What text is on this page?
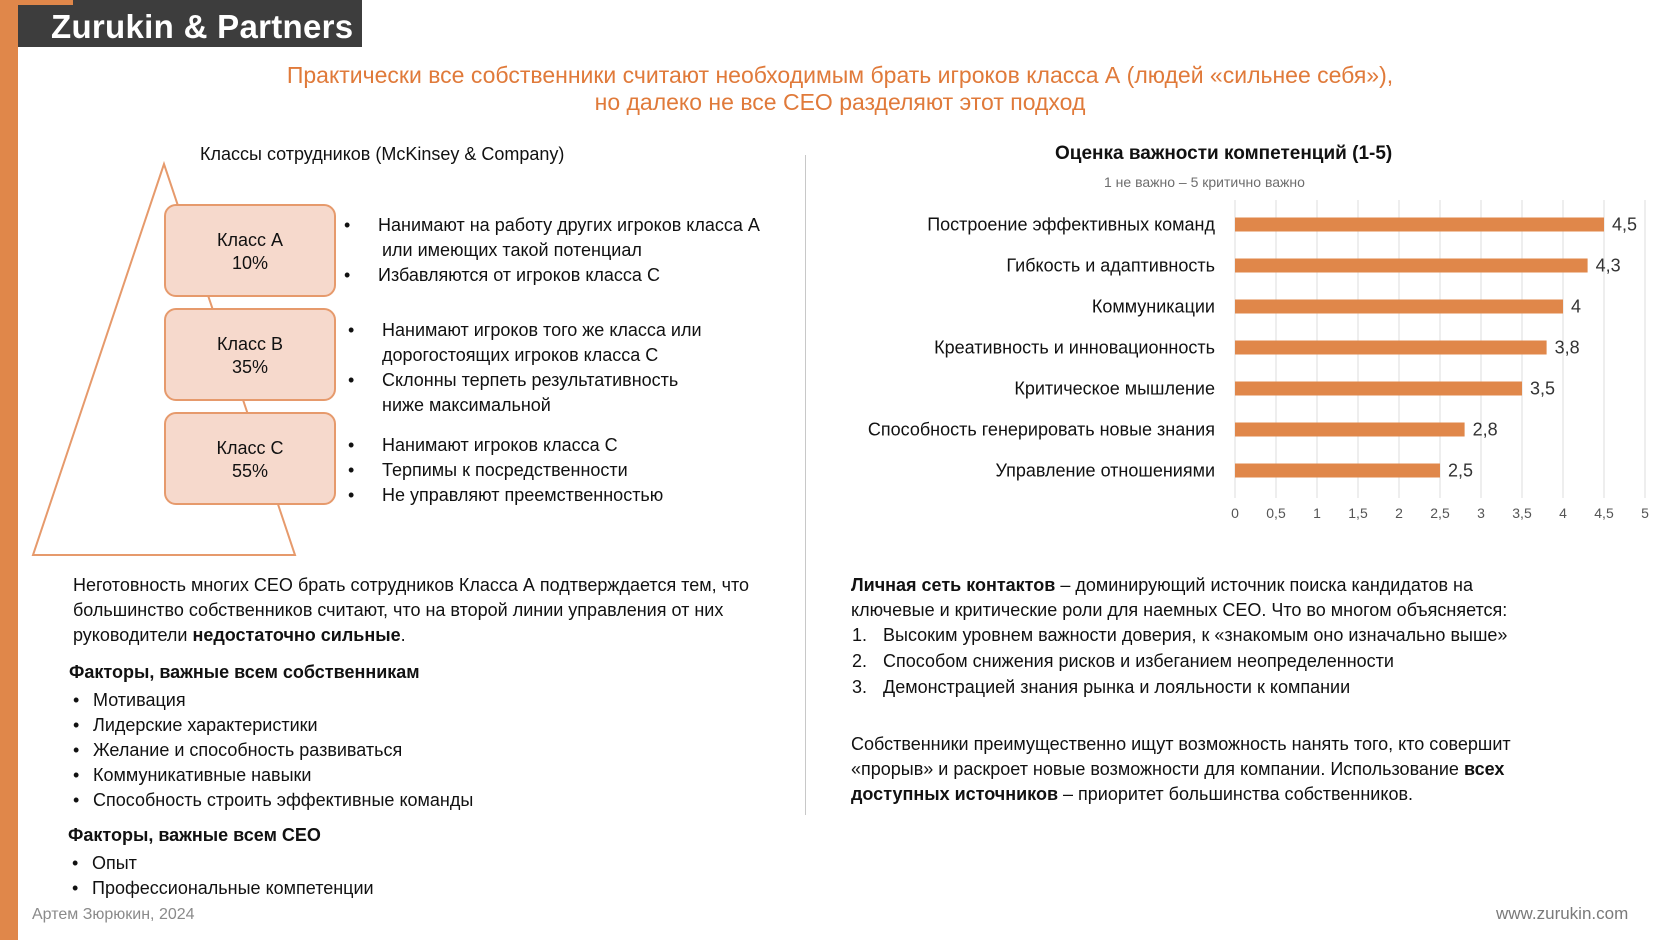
Zurukin & Partners
Практически все собственники считают необходимым брать игроков класса А (людей «сильнее себя»),
но далеко не все CEO разделяют этот подход
Классы сотрудников (McKinsey & Company)
Класс А
10%
Класс В
35%
Класс С
55%
• Нанимают на работу других игроков класса А
или имеющих такой потенциал
• Избавляются от игроков класса С
• Нанимают игроков того же класса или
дорогостоящих игроков класса С
• Склонны терпеть результативность
ниже максимальной
• Нанимают игроков класса С
• Терпимы к посредственности
• Не управляют преемственностью
Оценка важности компетенций (1-5)
1 не важно – 5 критично важно
0 0,5 1 1,5 2 2,5 3 3,5 4 4,5 5
Построение эффективных команд	4,5
Гибкость и адаптивность	4,3
Коммуникации	4
Креативность и инновационность	3,8
Критическое мышление	3,5
Способность генерировать новые знания	2,8
Управление отношениями	2,5
Неготовность многих CEO брать сотрудников Класса А подтверждается тем, что
большинство собственников считают, что на второй линии управления от них
руководители недостаточно сильные.
Факторы, важные всем собственникам
• Мотивация
• Лидерские характеристики
• Желание и способность развиваться
• Коммуникативные навыки
• Способность строить эффективные команды
Факторы, важные всем CEO
• Опыт
• Профессиональные компетенции
Личная сеть контактов – доминирующий источник поиска кандидатов на
ключевые и критические роли для наемных CEO. Что во многом объясняется:
1. Высоким уровнем важности доверия, к «знакомым оно изначально выше»
2. Способом снижения рисков и избеганием неопределенности
3. Демонстрацией знания рынка и лояльности к компании
Собственники преимущественно ищут возможность нанять того, кто совершит
«прорыв» и раскроет новые возможности для компании. Использование всех
доступных источников – приоритет большинства собственников.
Артем Зюрюкин, 2024	www.zurukin.com
